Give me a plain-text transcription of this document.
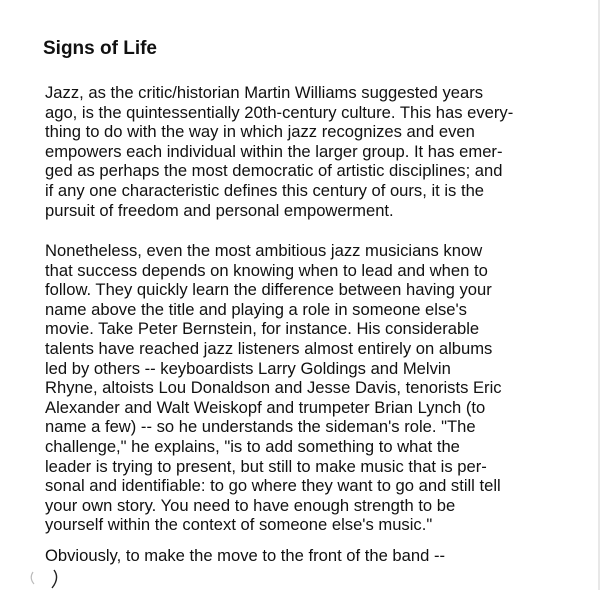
Signs of Life
Jazz, as the critic/historian Martin Williams suggested years
ago, is the quintessentially 20th-century culture. This has every-
thing to do with the way in which jazz recognizes and even
empowers each individual within the larger group. It has emer-
ged as perhaps the most democratic of artistic disciplines; and
if any one characteristic defines this century of ours, it is the
pursuit of freedom and personal empowerment.
Nonetheless, even the most ambitious jazz musicians know
that success depends on knowing when to lead and when to
follow. They quickly learn the difference between having your
name above the title and playing a role in someone else's
movie. Take Peter Bernstein, for instance. His considerable
talents have reached jazz listeners almost entirely on albums
led by others -- keyboardists Larry Goldings and Melvin
Rhyne, altoists Lou Donaldson and Jesse Davis, tenorists Eric
Alexander and Walt Weiskopf and trumpeter Brian Lynch (to
name a few) -- so he understands the sideman's role. "The
challenge," he explains, "is to add something to what the
leader is trying to present, but still to make music that is per-
sonal and identifiable: to go where they want to go and still tell
your own story. You need to have enough strength to be
yourself within the context of someone else's music."
Obviously, to make the move to the front of the band --
